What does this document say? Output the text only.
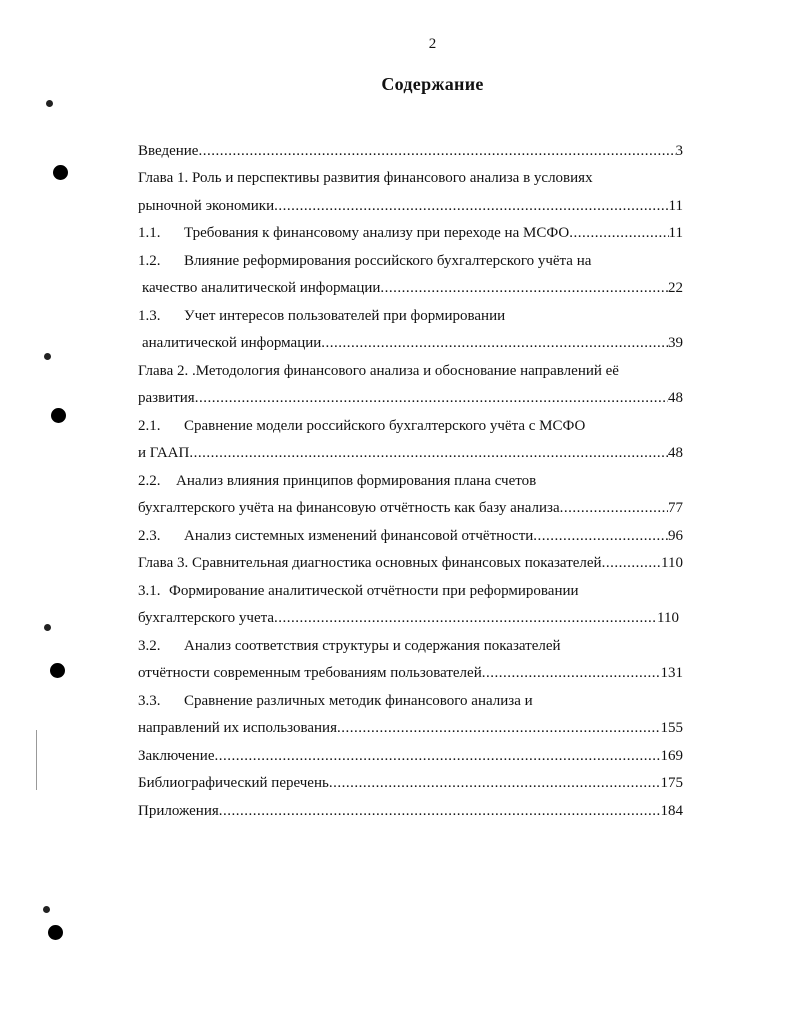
2
Содержание
Введение .....	3
Глава 1. Роль и перспективы развития финансового анализа в условиях
рыночной экономики .....	11
1.1.	Требования к финансовому анализу при переходе на МСФО .....	11
1.2.	Влияние реформирования российского бухгалтерского учёта на
качество аналитической информации .....	22
1.3.	Учет интересов пользователей при формировании
аналитической информации .....	39
Глава 2. .Методология финансового анализа и обоснование направлений её
развития .....	48
2.1.	Сравнение модели российского бухгалтерского учёта с МСФО
и ГААП .....	48
2.2.	Анализ влияния принципов формирования плана счетов
бухгалтерского учёта на финансовую отчётность как базу анализа .....	77
2.3.	Анализ системных изменений финансовой отчётности .....	96
Глава 3. Сравнительная диагностика основных финансовых показателей .....	110
3.1. Формирование аналитической отчётности при реформировании
бухгалтерского учета .....	110
3.2.	Анализ соответствия структуры и содержания показателей
отчётности современным требованиям пользователей .....	131
3.3.	Сравнение различных методик финансового анализа и
направлений их использования .....	155
Заключение .....	169
Библиографический перечень .....	175
Приложения .....	184
